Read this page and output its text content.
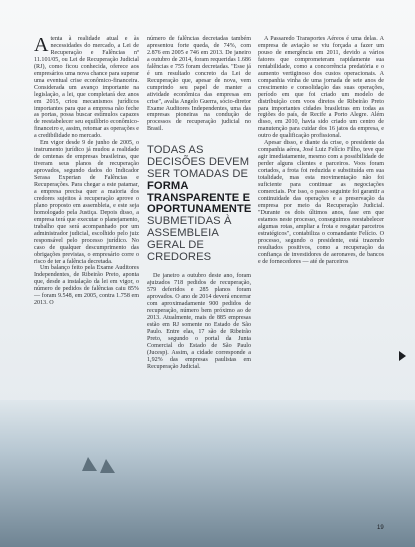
A tenta à realidade atual e às necessidades do mercado, a Lei de Recuperação e Falências nº 11.101/05, ou Lei de Recuperação Judicial (RJ), como ficou conhecida, oferece aos empresários uma nova chance para superar uma eventual crise econômico-financeira. Considerada um avanço importante na legislação, a lei, que completará dez anos em 2015, criou mecanismos jurídicos importantes para que a empresa não feche as portas, possa buscar estímulos capazes de reestabelecer seu equilíbrio econômico-financeiro e, assim, retomar as operações e a credibilidade no mercado.

Em vigor desde 9 de junho de 2005, o instrumento jurídico já mudou a realidade de centenas de empresas brasileiras, que tiveram seus planos de recuperação aprovados, segundo dados do Indicador Serasa Experian de Falências e Recuperações. Para chegar a este patamar, a empresa precisa quer a maioria dos credores sujeitos à recuperação aprove o plano proposto em assembleia, e este seja homologado pela Justiça. Depois disso, a empresa terá que executar o planejamento, trabalho que será acompanhado por um administrador judicial, escolhido pelo juiz responsável pelo processo jurídico. No caso de qualquer descumprimento das obrigações previstas, o empresário corre o risco de ter a falência decretada.

Um balanço feito pela Exame Auditores Independentes, de Ribeirão Preto, aponta que, desde a instalação da lei em vigor, o número de pedidos de falências caiu 85% — foram 9.548, em 2005, contra 1.758 em 2013. O

número de falências decretadas também apresentou forte queda, de 74%, com 2.876 em 2005 e 746 em 2013. De janeiro a outubro de 2014, foram requeridas 1.686 falências e 755 foram decretadas. "Esse já é um resultado concreto da Lei de Recuperação que, apesar de nova, vem cumprindo seu papel de manter a atividade econômica das empresas em crise", avalia Angelo Guerra, sócio-diretor Exame Auditores Independentes, uma das empresas pioneiras na condução de processos de recuperação judicial no Brasil.

TODAS AS DECISÕES DEVEM SER TOMADAS DE FORMA TRANSPARENTE E OPORTUNAMENTE SUBMETIDAS À ASSEMBLEIA GERAL DE CREDORES

De janeiro a outubro deste ano, foram ajuizados 718 pedidos de recuperação, 579 deferidos e 285 planos foram aprovados. O ano de 2014 deverá encerrar com aproximadamente 900 pedidos de recuperação, número bem próximo ao de 2013. Atualmente, mais de 885 empresas estão em RJ somente no Estado de São Paulo. Entre elas, 17 são de Ribeirão Preto, segundo o portal da Junta Comercial do Estado de São Paulo (Jucesp). Assim, a cidade corresponde a 1,92% das empresas paulistas em Recuperação Judicial.

A Passaredo Transportes Aéreos é uma delas. A empresa de aviação se viu forçada a fazer um pouso de emergência em 2011, devido a vários fatores que comprometeram rapidamente sua rentabilidade, como a concorrência predatória e o aumento vertiginoso dos custos operacionais. A companhia vinha de uma jornada de sete anos de crescimento e consolidação das suas operações, período em que foi criado um modelo de distribuição com voos diretos de Ribeirão Preto para importantes cidades brasileiras em todas as regiões do país, de Recife a Porto Alegre. Além disso, em 2010, havia sido criado um centro de manutenção para cuidar dos 16 jatos da empresa, e outro de qualificação profissional.

Apesar disso, e diante da crise, o presidente da companhia aérea, José Luiz Felício Filho, teve que agir imediatamente, mesmo com a possibilidade de perder alguns clientes e parceiros. Voos foram cortados, a frota foi reduzida e substituída em sua totalidade, mas esta movimentação não foi suficiente para continuar as negociações comerciais. Por isso, o passo seguinte foi garantir a continuidade das operações e a preservação da empresa por meio da Recuperação Judicial. "Durante os dois últimos anos, fase em que estamos neste processo, conseguimos reestabelecer algumas rotas, ampliar a frota e resgatar parceiros estratégicos", contabiliza o comandante Felício. O processo, segundo o presidente, está trazendo resultados positivos, como a recuperação da confiança de investidores de aeronaves, de bancos e de fornecedores — até de parceiros

19
